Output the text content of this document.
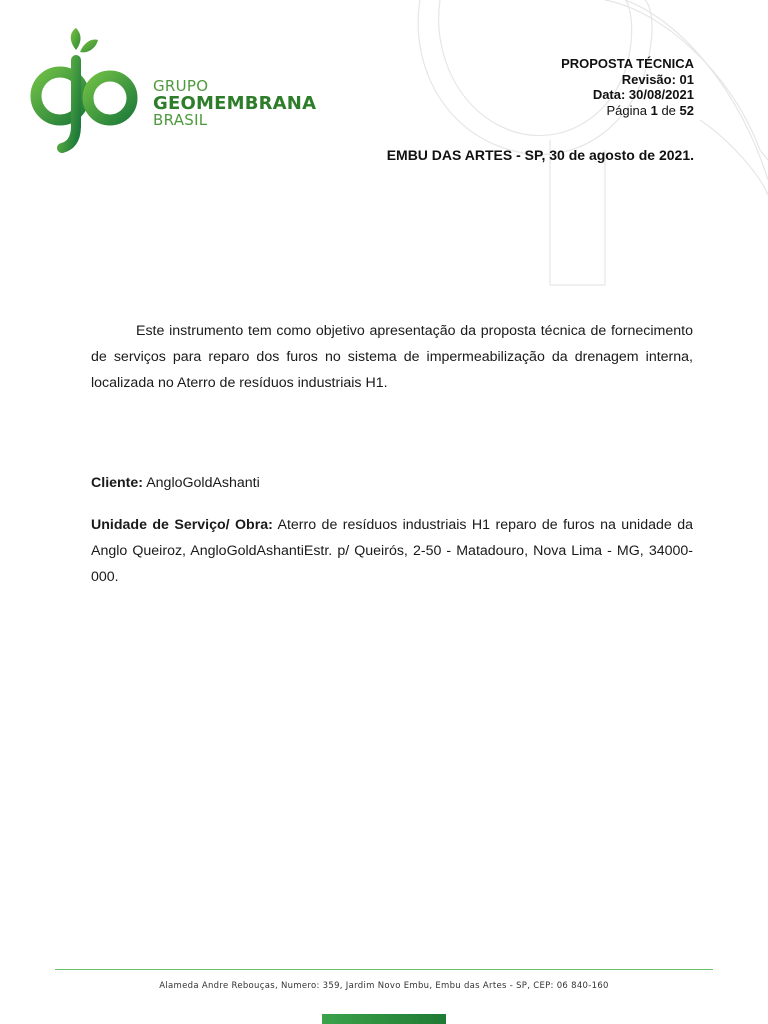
GRUPO
GEOMEMBRANA
BRASIL
PROPOSTA TÉCNICA
Revisão: 01
Data: 30/08/2021
Página 1 de 52
EMBU DAS ARTES - SP, 30 de agosto de 2021.

Este instrumento tem como objetivo apresentação da proposta técnica de fornecimento de serviços para reparo dos furos no sistema de impermeabilização da drenagem interna, localizada no Aterro de resíduos industriais H1.

Cliente: AngloGoldAshanti

Unidade de Serviço/ Obra: Aterro de resíduos industriais H1 reparo de furos na unidade da Anglo Queiroz, AngloGoldAshantiEstr. p/ Queirós, 2-50 - Matadouro, Nova Lima - MG, 34000-000.

Alameda Andre Rebouças, Numero: 359, Jardim Novo Embu, Embu das Artes - SP, CEP: 06 840-160
